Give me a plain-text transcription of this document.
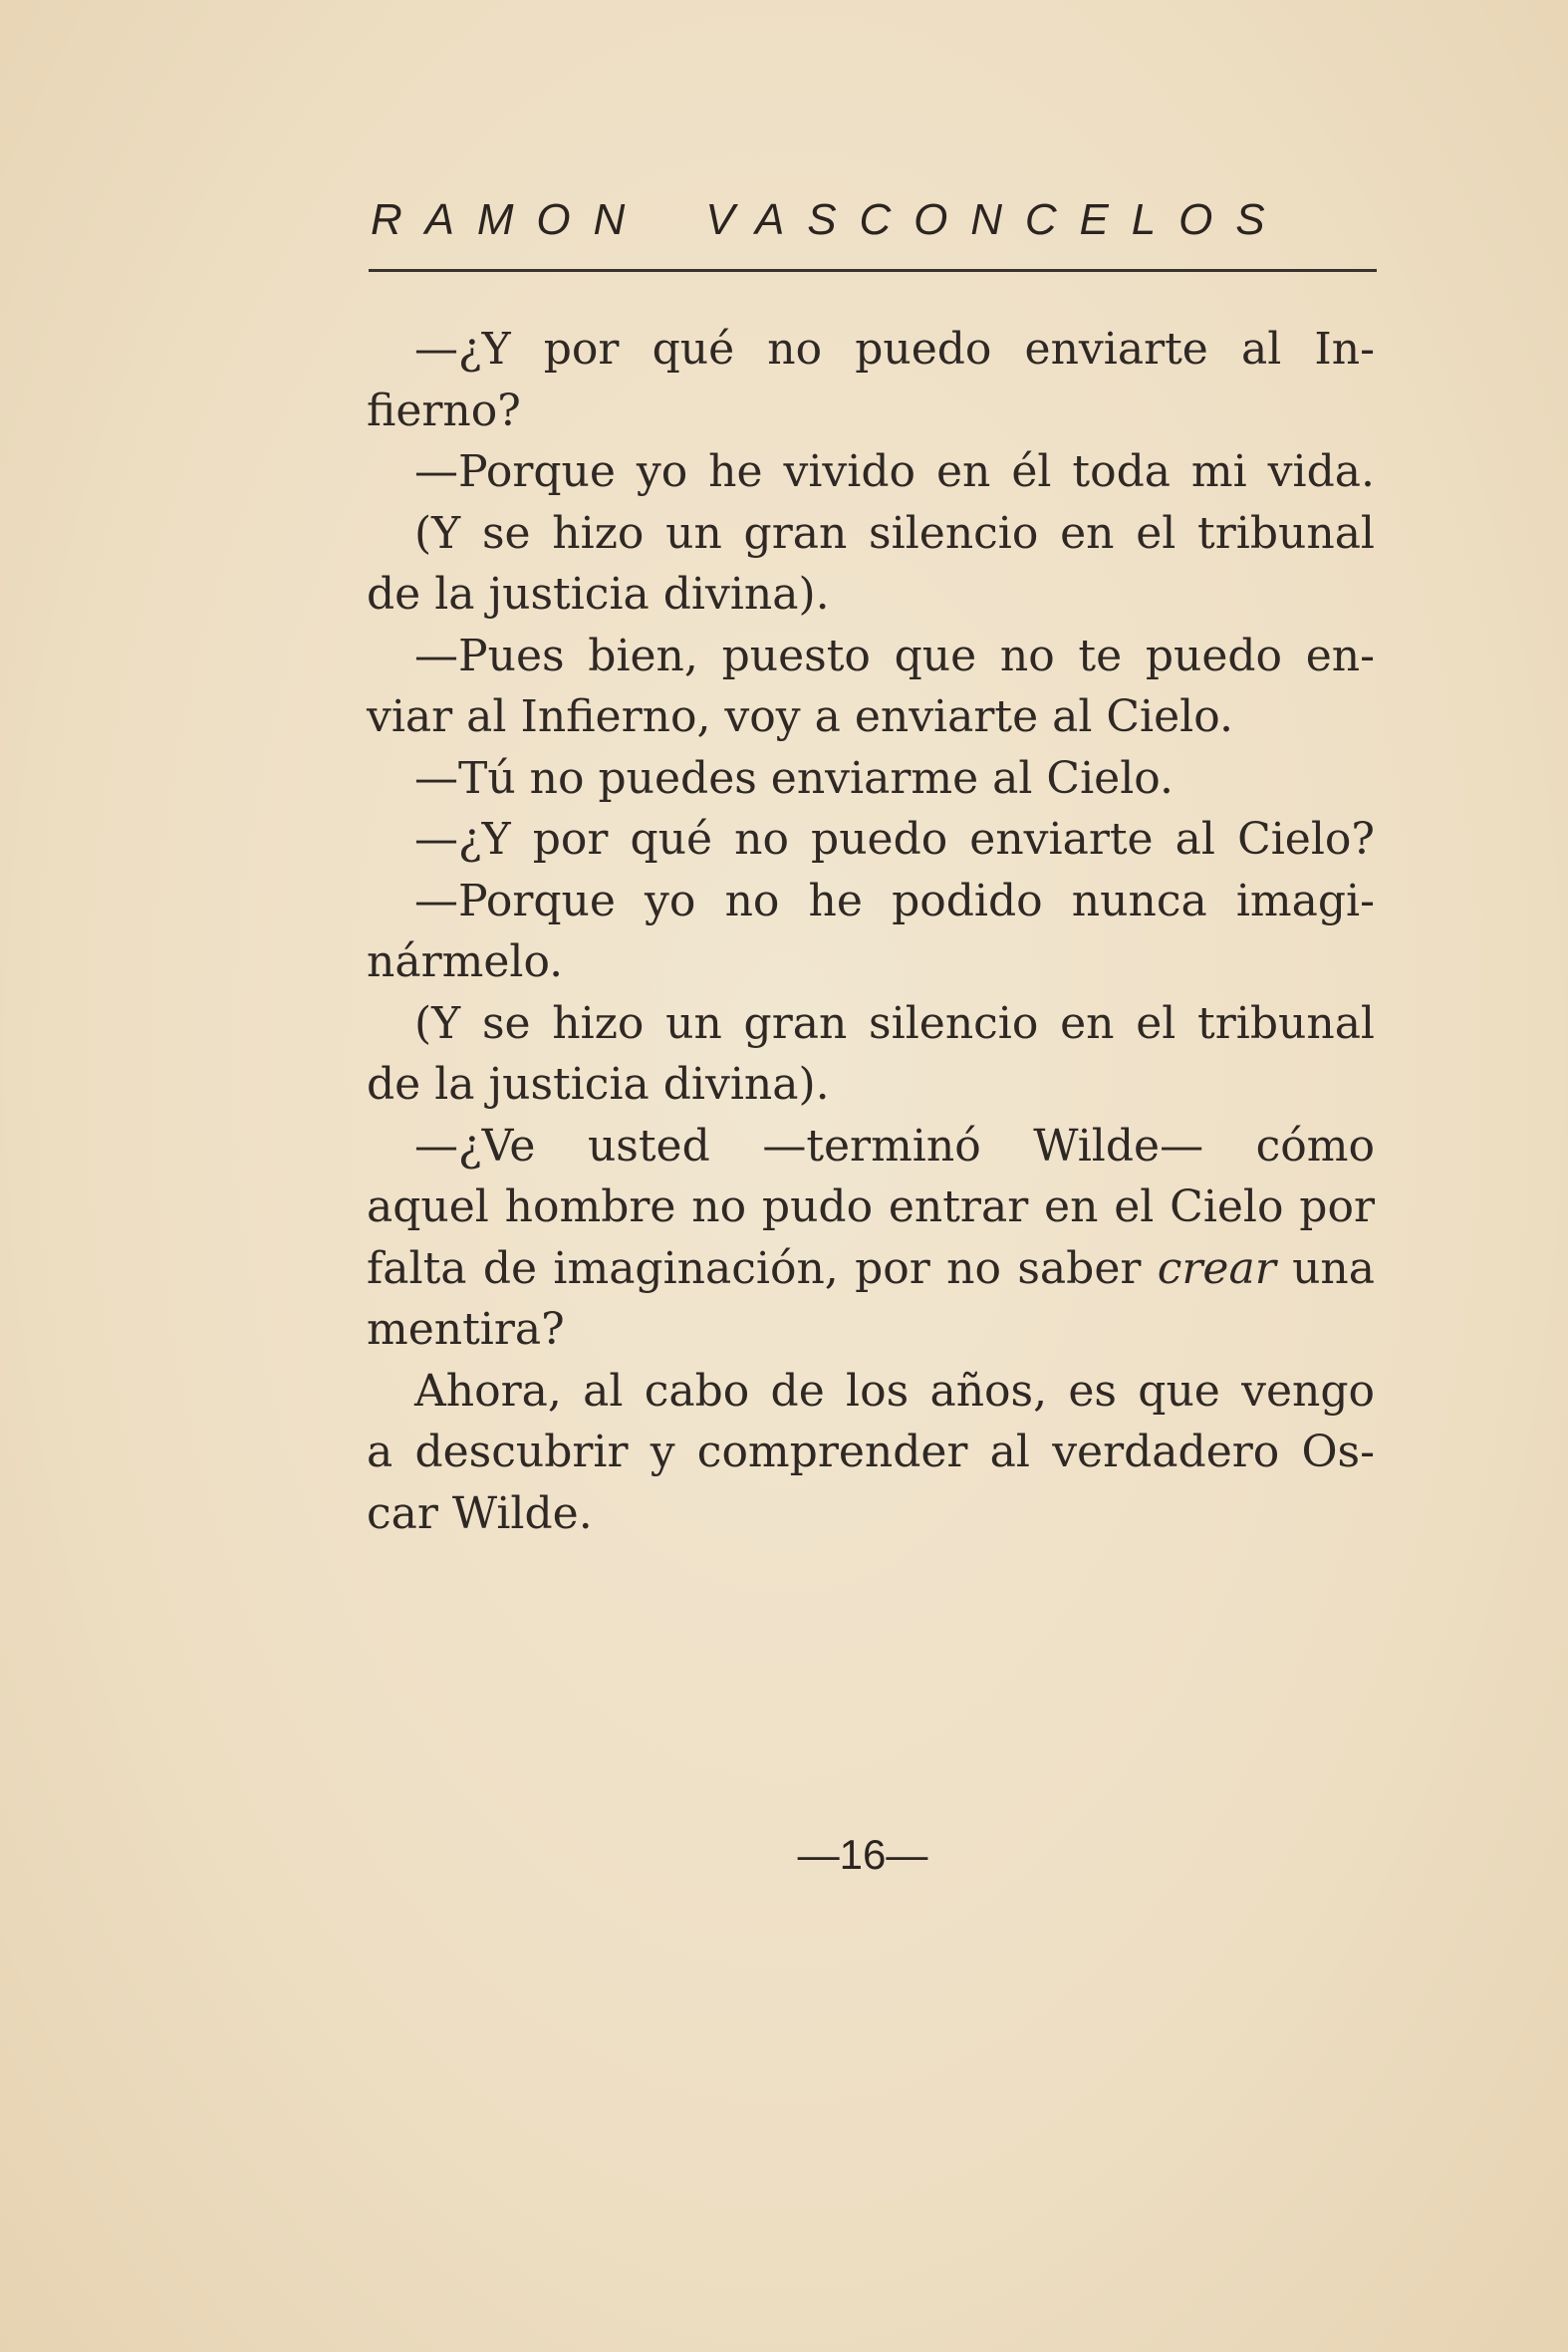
RAMON VASCONCELOS
—¿Y por qué no puedo enviarte al In-
fierno?
—Porque yo he vivido en él toda mi vida.
(Y se hizo un gran silencio en el tribunal
de la justicia divina).
—Pues bien, puesto que no te puedo en-
viar al Infierno, voy a enviarte al Cielo.
—Tú no puedes enviarme al Cielo.
—¿Y por qué no puedo enviarte al Cielo?
—Porque yo no he podido nunca imagi-
nármelo.
(Y se hizo un gran silencio en el tribunal
de la justicia divina).
—¿Ve usted —terminó Wilde— cómo
aquel hombre no pudo entrar en el Cielo por
falta de imaginación, por no saber crear una
mentira?
Ahora, al cabo de los años, es que vengo
a descubrir y comprender al verdadero Os-
car Wilde.
—16—
